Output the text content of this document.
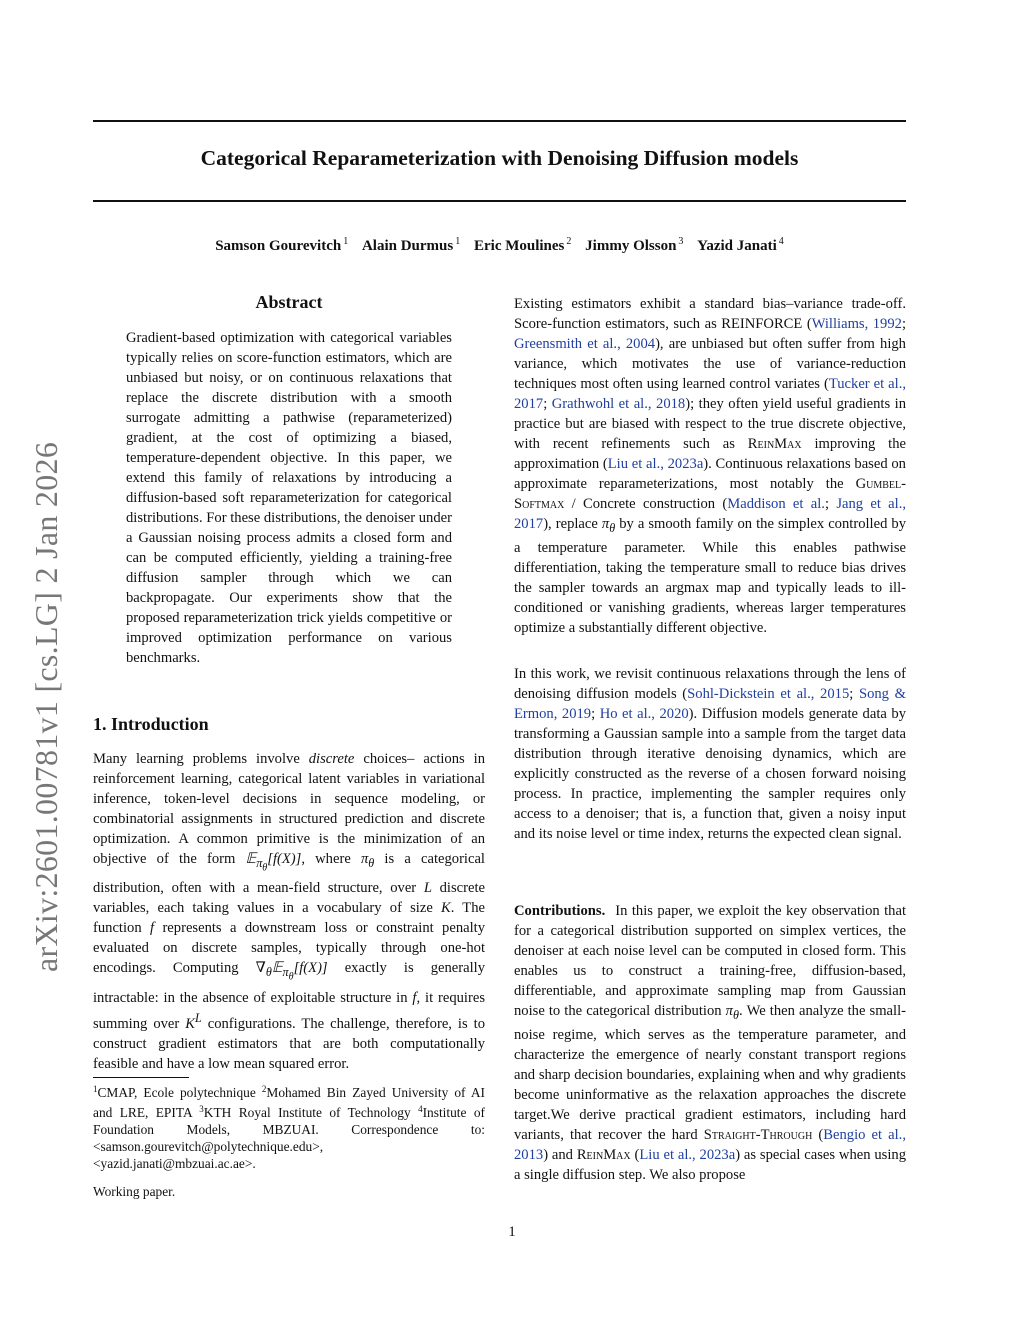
arXiv:2601.00781v1 [cs.LG] 2 Jan 2026
Categorical Reparameterization with Denoising Diffusion models
Samson Gourevitch $^1$ Alain Durmus $^1$ Eric Moulines $^2$ Jimmy Olsson $^3$ Yazid Janati $^4$
Abstract

Gradient-based optimization with categorical variables typically relies on score-function estimators, which are unbiased but noisy, or on continuous relaxations that replace the discrete distribution with a smooth surrogate admitting a pathwise (reparameterized) gradient, at the cost of optimizing a biased, temperature-dependent objective. In this paper, we extend this family of relaxations by introducing a diffusion-based soft reparameterization for categorical distributions. For these distributions, the denoiser under a Gaussian noising process admits a closed form and can be computed efficiently, yielding a training-free diffusion sampler through which we can backpropagate. Our experiments show that the proposed reparameterization trick yields competitive or improved optimization performance on various benchmarks.

1. Introduction

Many learning problems involve discrete choices– actions in reinforcement learning, categorical latent variables in variational inference, token-level decisions in sequence modeling, or combinatorial assignments in structured prediction and discrete optimization. A common primitive is the minimization of an objective of the form 𝔼$_{\pi_\theta}$[f(X)], where $\pi_\theta$ is a categorical distribution, often with a mean-field structure, over L discrete variables, each taking values in a vocabulary of size K. The function f represents a downstream loss or constraint penalty evaluated on discrete samples, typically through one-hot encodings. Computing $\nabla_\theta 𝔼_{\pi_\theta}[f(X)]$ exactly is generally intractable: in the absence of exploitable structure in f, it requires summing over $K^L$ configurations. The challenge, therefore, is to construct gradient estimators that are both computationally feasible and have a low mean squared error.

$^1$CMAP, Ecole polytechnique $^2$Mohamed Bin Zayed University of AI and LRE, EPITA $^3$KTH Royal Institute of Technology $^4$Institute of Foundation Models, MBZUAI. Correspondence to: <samson.gourevitch@polytechnique.edu>, <yazid.janati@mbzuai.ac.ae>.
Working paper.

Existing estimators exhibit a standard bias–variance trade-off. Score-function estimators, such as REINFORCE (Williams, 1992; Greensmith et al., 2004), are unbiased but often suffer from high variance, which motivates the use of variance-reduction techniques most often using learned control variates (Tucker et al., 2017; Grathwohl et al., 2018); they often yield useful gradients in practice but are biased with respect to the true discrete objective, with recent refinements such as ReinMax improving the approximation (Liu et al., 2023a). Continuous relaxations based on approximate reparameterizations, most notably the Gumbel-Softmax / Concrete construction (Maddison et al.; Jang et al., 2017), replace $\pi_\theta$ by a smooth family on the simplex controlled by a temperature parameter. While this enables pathwise differentiation, taking the temperature small to reduce bias drives the sampler towards an argmax map and typically leads to ill-conditioned or vanishing gradients, whereas larger temperatures optimize a substantially different objective.

In this work, we revisit continuous relaxations through the lens of denoising diffusion models (Sohl-Dickstein et al., 2015; Song & Ermon, 2019; Ho et al., 2020). Diffusion models generate data by transforming a Gaussian sample into a sample from the target data distribution through iterative denoising dynamics, which are explicitly constructed as the reverse of a chosen forward noising process. In practice, implementing the sampler requires only access to a denoiser; that is, a function that, given a noisy input and its noise level or time index, returns the expected clean signal.

Contributions. In this paper, we exploit the key observation that for a categorical distribution supported on simplex vertices, the denoiser at each noise level can be computed in closed form. This enables us to construct a training-free, diffusion-based, differentiable, and approximate sampling map from Gaussian noise to the categorical distribution $\pi_\theta$. We then analyze the small-noise regime, which serves as the temperature parameter, and characterize the emergence of nearly constant transport regions and sharp decision boundaries, explaining when and why gradients become uninformative as the relaxation approaches the discrete target.We derive practical gradient estimators, including hard variants, that recover the hard Straight-Through (Bengio et al., 2013) and ReinMax (Liu et al., 2023a) as special cases when using a single diffusion step. We also propose

1
